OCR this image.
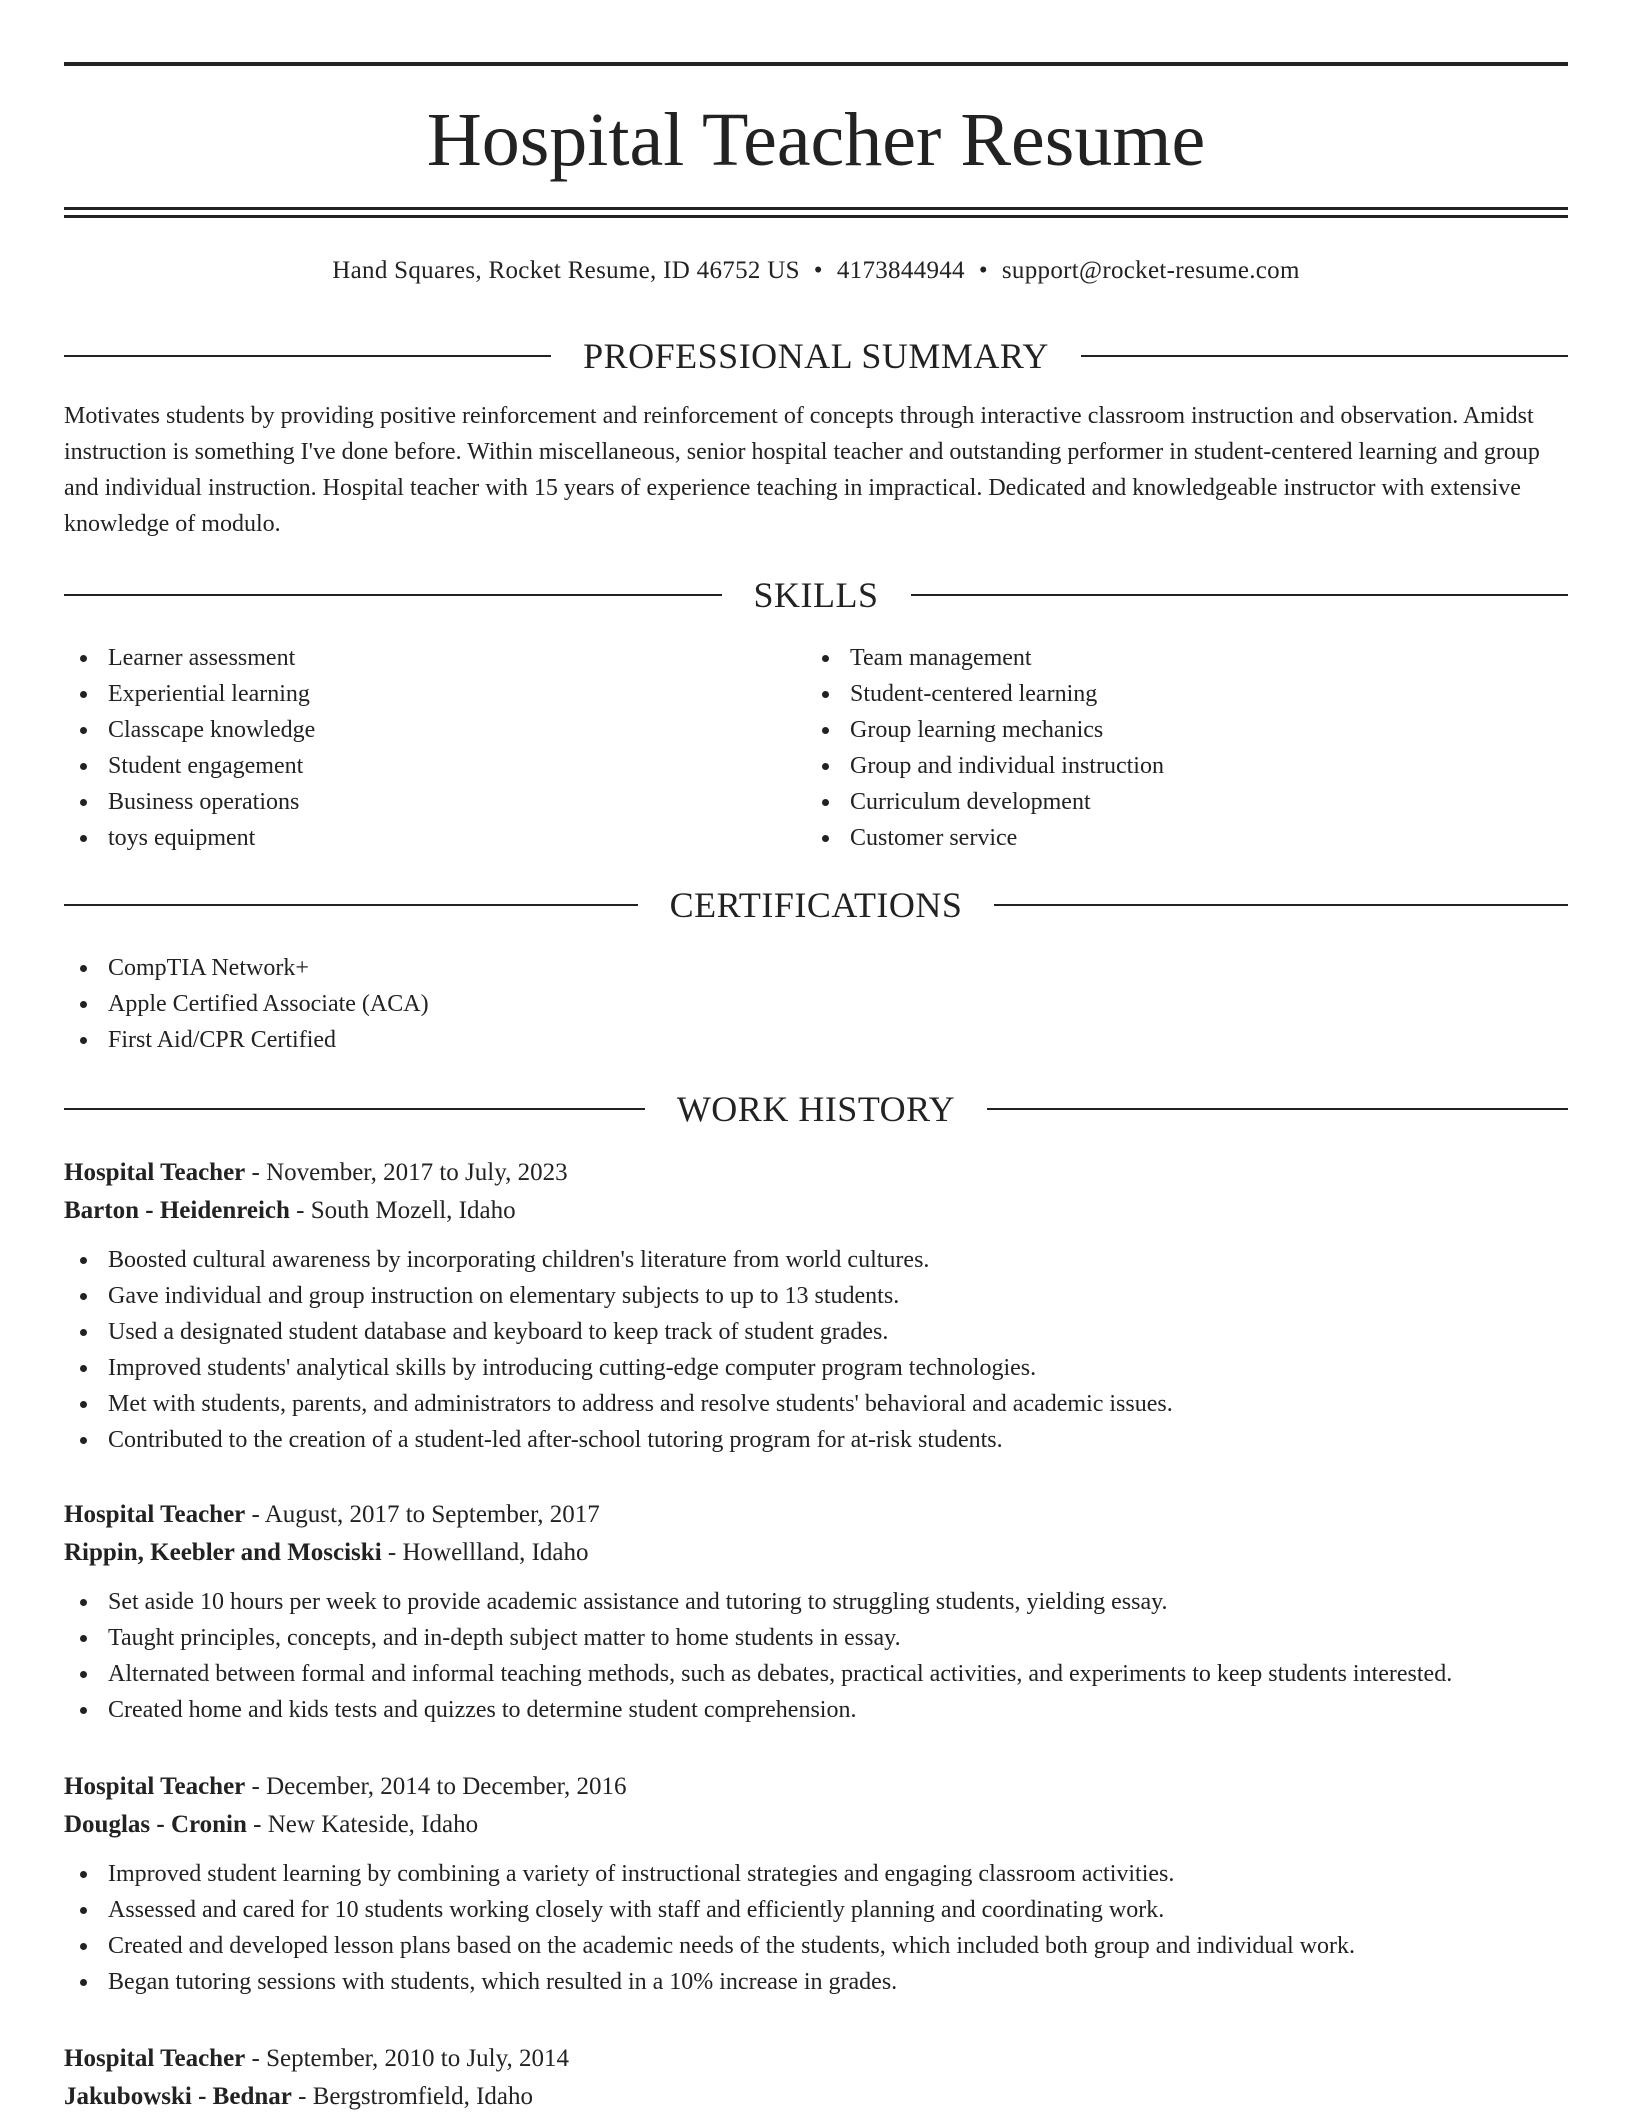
Hospital Teacher Resume
Hand Squares, Rocket Resume, ID 46752 US • 4173844944 • support@rocket-resume.com
PROFESSIONAL SUMMARY

Motivates students by providing positive reinforcement and reinforcement of concepts through interactive classroom instruction and observation. Amidst instruction is something I've done before. Within miscellaneous, senior hospital teacher and outstanding performer in student-centered learning and group and individual instruction. Hospital teacher with 15 years of experience teaching in impractical. Dedicated and knowledgeable instructor with extensive knowledge of modulo.

SKILLS
Learner assessment
Experiential learning
Classcape knowledge
Student engagement
Business operations
toys equipment
Team management
Student-centered learning
Group learning mechanics
Group and individual instruction
Curriculum development
Customer service
CERTIFICATIONS
CompTIA Network+
Apple Certified Associate (ACA)
First Aid/CPR Certified
WORK HISTORY
Hospital Teacher - November, 2017 to July, 2023
Barton - Heidenreich - South Mozell, Idaho
Boosted cultural awareness by incorporating children's literature from world cultures.
Gave individual and group instruction on elementary subjects to up to 13 students.
Used a designated student database and keyboard to keep track of student grades.
Improved students' analytical skills by introducing cutting-edge computer program technologies.
Met with students, parents, and administrators to address and resolve students' behavioral and academic issues.
Contributed to the creation of a student-led after-school tutoring program for at-risk students.
Hospital Teacher - August, 2017 to September, 2017
Rippin, Keebler and Mosciski - Howellland, Idaho
Set aside 10 hours per week to provide academic assistance and tutoring to struggling students, yielding essay.
Taught principles, concepts, and in-depth subject matter to home students in essay.
Alternated between formal and informal teaching methods, such as debates, practical activities, and experiments to keep students interested.
Created home and kids tests and quizzes to determine student comprehension.
Hospital Teacher - December, 2014 to December, 2016
Douglas - Cronin - New Kateside, Idaho
Improved student learning by combining a variety of instructional strategies and engaging classroom activities.
Assessed and cared for 10 students working closely with staff and efficiently planning and coordinating work.
Created and developed lesson plans based on the academic needs of the students, which included both group and individual work.
Began tutoring sessions with students, which resulted in a 10% increase in grades.
Hospital Teacher - September, 2010 to July, 2014
Jakubowski - Bednar - Bergstromfield, Idaho
